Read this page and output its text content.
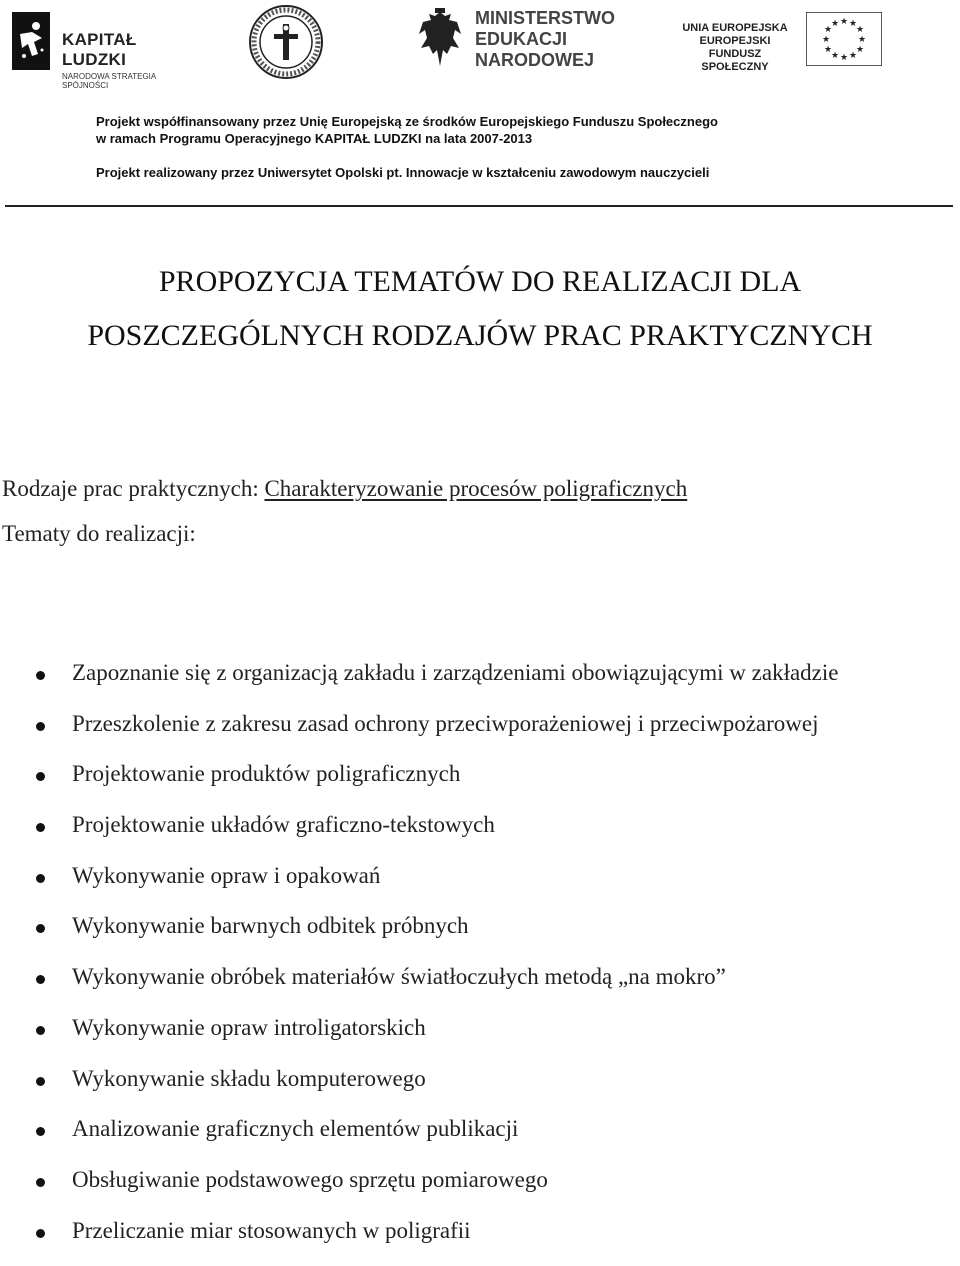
KAPITAŁ LUDZKI
NARODOWA STRATEGIA SPÓJNOŚCI
MINISTERSTWO
EDUKACJI
NARODOWEJ
UNIA EUROPEJSKA
EUROPEJSKI
FUNDUSZ SPOŁECZNY
★ ★
★
★
★
★
★
★
★
★
★
★
Projekt współfinansowany przez Unię Europejską ze środków Europejskiego Funduszu Społecznego
w ramach Programu Operacyjnego KAPITAŁ LUDZKI na lata 2007-2013
Projekt realizowany przez Uniwersytet Opolski pt. Innowacje w kształceniu zawodowym nauczycieli
PROPOZYCJA TEMATÓW DO REALIZACJI DLA
POSZCZEGÓLNYCH RODZAJÓW PRAC PRAKTYCZNYCH
Rodzaje prac praktycznych: Charakteryzowanie procesów poligraficznych
Tematy do realizacji:
Zapoznanie się z organizacją zakładu i zarządzeniami obowiązującymi w zakładzie
Przeszkolenie z zakresu zasad ochrony przeciwporażeniowej i przeciwpożarowej
Projektowanie produktów poligraficznych
Projektowanie układów graficzno-tekstowych
Wykonywanie opraw i opakowań
Wykonywanie barwnych odbitek próbnych
Wykonywanie obróbek materiałów światłoczułych metodą „na mokro”
Wykonywanie opraw introligatorskich
Wykonywanie składu komputerowego
Analizowanie graficznych elementów publikacji
Obsługiwanie podstawowego sprzętu pomiarowego
Przeliczanie miar stosowanych w poligrafii
